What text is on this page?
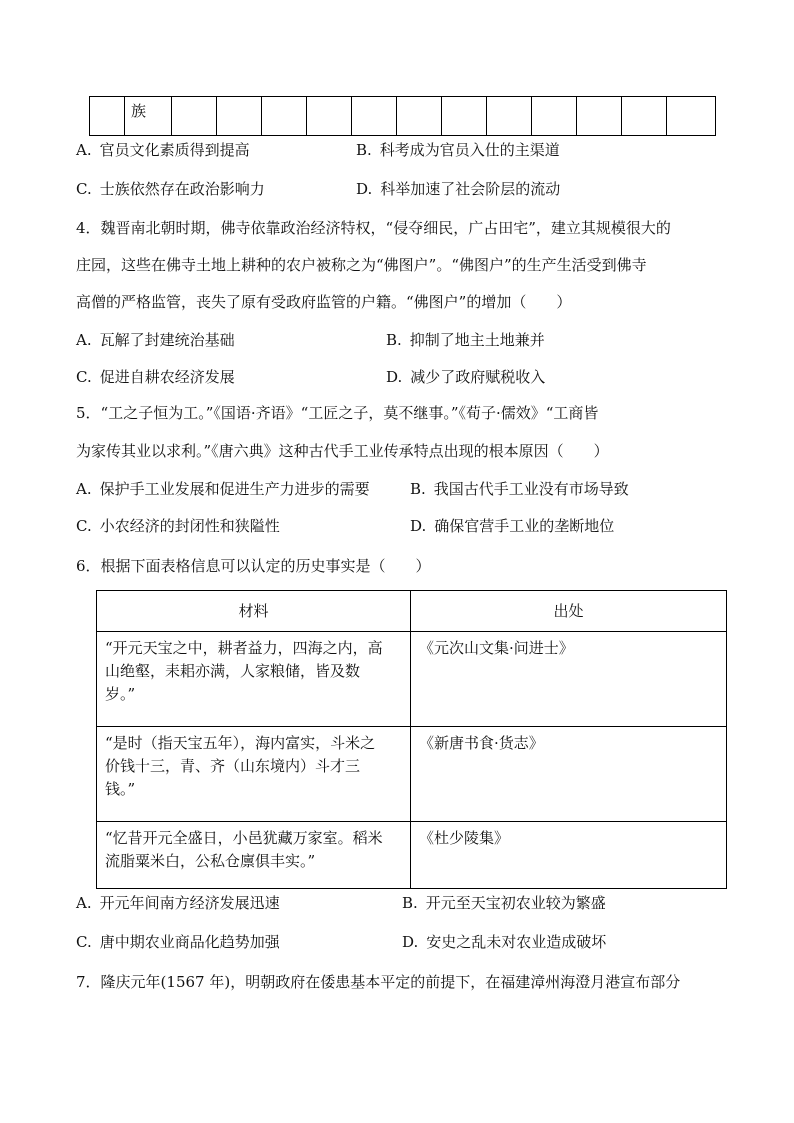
	族												
A. 官员文化素质得到提高	B. 科考成为官员入仕的主渠道
C. 士族依然存在政治影响力	D. 科举加速了社会阶层的流动
4．魏晋南北朝时期，佛寺依靠政治经济特权，“侵夺细民，广占田宅”，建立其规模很大的
庄园，这些在佛寺土地上耕种的农户被称之为“佛图户”。“佛图户”的生产生活受到佛寺
高僧的严格监管，丧失了原有受政府监管的户籍。“佛图户”的增加（　　）
A. 瓦解了封建统治基础	B. 抑制了地主土地兼并
C. 促进自耕农经济发展	D. 减少了政府赋税收入
5．“工之子恒为工。”《国语·齐语》“工匠之子，莫不继事。”《荀子·儒效》“工商皆
为家传其业以求利。”《唐六典》这种古代手工业传承特点出现的根本原因（　　）
A. 保护手工业发展和促进生产力进步的需要	B. 我国古代手工业没有市场导致
C. 小农经济的封闭性和狭隘性	D. 确保官营手工业的垄断地位
6．根据下面表格信息可以认定的历史事实是（　　）
材料	出处

“开元天宝之中，耕者益力，四海之内，高
山绝壑，耒耜亦满，人家粮储，皆及数
岁。”	《元次山文集·问进士》

“是时（指天宝五年），海内富实，斗米之
价钱十三，青、齐（山东境内）斗才三
钱。”	《新唐书食·货志》

“忆昔开元全盛日，小邑犹藏万家室。稻米
流脂粟米白，公私仓廪俱丰实。”	《杜少陵集》
A. 开元年间南方经济发展迅速	B. 开元至天宝初农业较为繁盛
C. 唐中期农业商品化趋势加强	D. 安史之乱未对农业造成破坏
7．隆庆元年(1567 年)，明朝政府在倭患基本平定的前提下，在福建漳州海澄月港宣布部分
